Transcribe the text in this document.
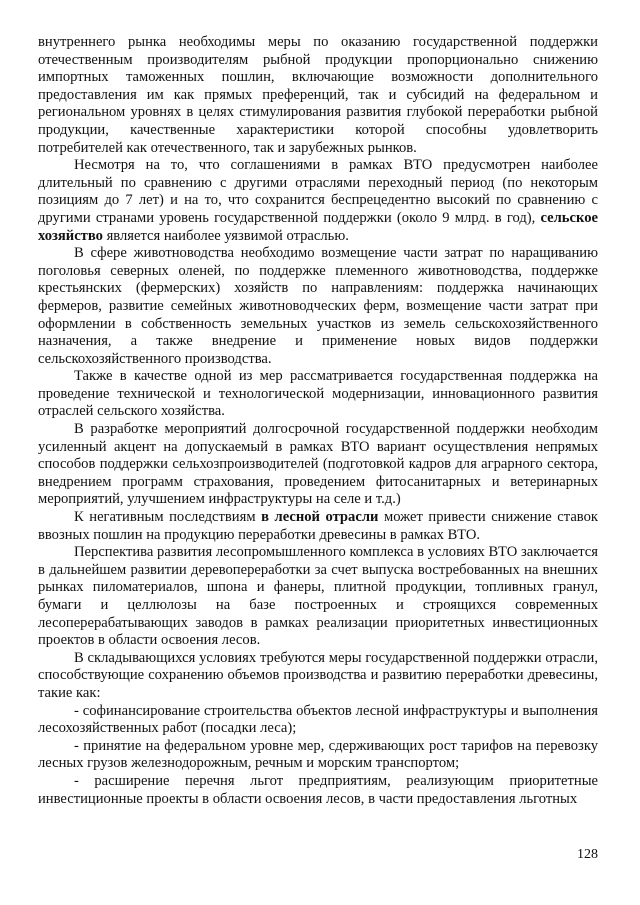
внутреннего рынка необходимы меры по оказанию государственной поддержки отечественным производителям рыбной продукции пропорционально снижению импортных таможенных пошлин, включающие возможности дополнительного предоставления им как прямых преференций, так и субсидий на федеральном и региональном уровнях в целях стимулирования развития глубокой переработки рыбной продукции, качественные характеристики которой способны удовлетворить потребителей как отечественного, так и зарубежных рынков.

Несмотря на то, что соглашениями в рамках ВТО предусмотрен наиболее длительный по сравнению с другими отраслями переходный период (по некоторым позициям до 7 лет) и на то, что сохранится беспрецедентно высокий по сравнению с другими странами уровень государственной поддержки (около 9 млрд. в год), сельское хозяйство является наиболее уязвимой отраслью.

В сфере животноводства необходимо возмещение части затрат по наращиванию поголовья северных оленей, по поддержке племенного животноводства, поддержке крестьянских (фермерских) хозяйств по направлениям: поддержка начинающих фермеров, развитие семейных животноводческих ферм, возмещение части затрат при оформлении в собственность земельных участков из земель сельскохозяйственного назначения, а также внедрение и применение новых видов поддержки сельскохозяйственного производства.

Также в качестве одной из мер рассматривается государственная поддержка на проведение технической и технологической модернизации, инновационного развития отраслей сельского хозяйства.

В разработке мероприятий долгосрочной государственной поддержки необходим усиленный акцент на допускаемый в рамках ВТО вариант осуществления непрямых способов поддержки сельхозпроизводителей (подготовкой кадров для аграрного сектора, внедрением программ страхования, проведением фитосанитарных и ветеринарных мероприятий, улучшением инфраструктуры на селе и т.д.)

К негативным последствиям в лесной отрасли может привести снижение ставок ввозных пошлин на продукцию переработки древесины в рамках ВТО.

Перспектива развития лесопромышленного комплекса в условиях ВТО заключается в дальнейшем развитии деревопереработки за счет выпуска востребованных на внешних рынках пиломатериалов, шпона и фанеры, плитной продукции, топливных гранул, бумаги и целлюлозы на базе построенных и строящихся современных лесоперерабатывающих заводов в рамках реализации приоритетных инвестиционных проектов в области освоения лесов.

В складывающихся условиях требуются меры государственной поддержки отрасли, способствующие сохранению объемов производства и развитию переработки древесины, такие как:

- софинансирование строительства объектов лесной инфраструктуры и выполнения лесохозяйственных работ (посадки леса);

- принятие на федеральном уровне мер, сдерживающих рост тарифов на перевозку лесных грузов железнодорожным, речным и морским транспортом;

- расширение перечня льгот предприятиям, реализующим приоритетные инвестиционные проекты в области освоения лесов, в части предоставления льготных

128
